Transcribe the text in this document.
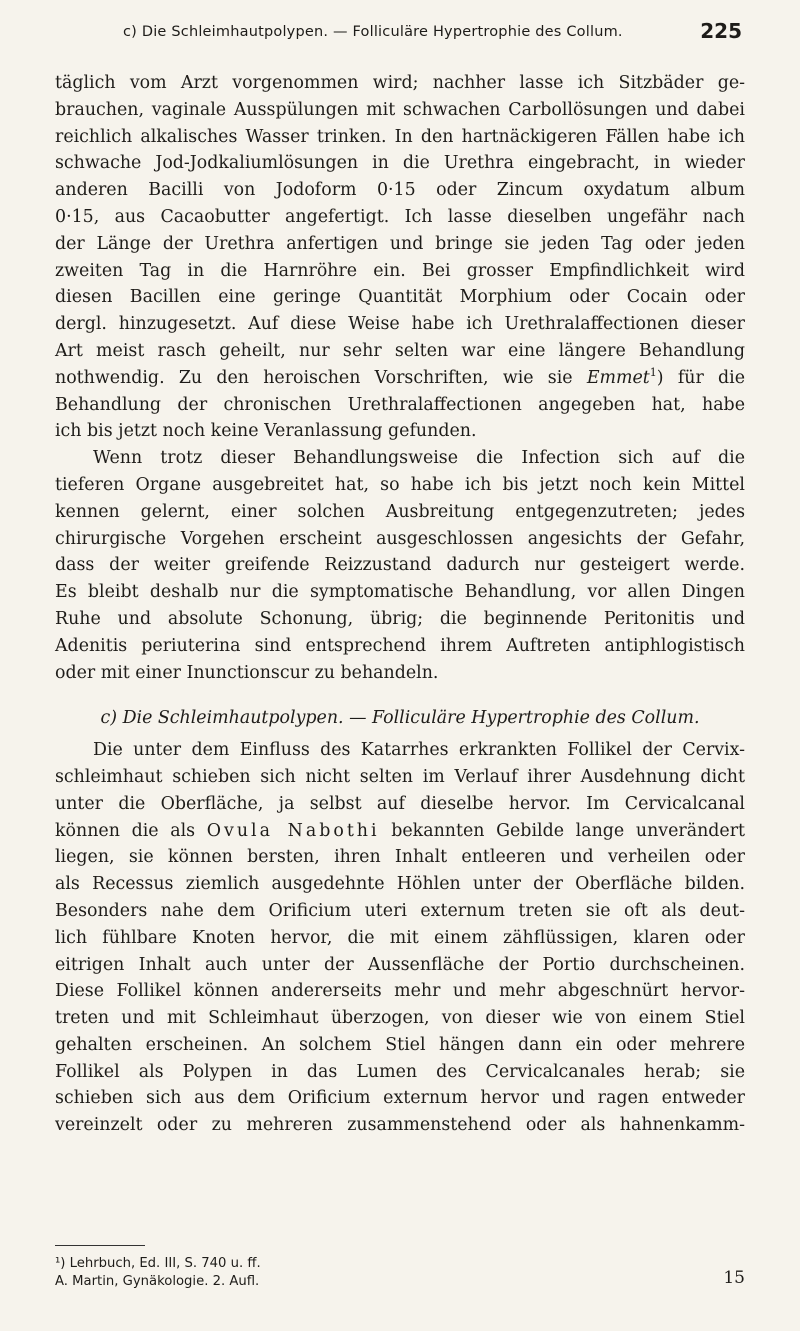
c) Die Schleimhautpolypen. — Folliculäre Hypertrophie des Collum.	225
täglich vom Arzt vorgenommen wird; nachher lasse ich Sitzbäder ge-
brauchen, vaginale Ausspülungen mit schwachen Carbollösungen und dabei
reichlich alkalisches Wasser trinken. In den hartnäckigeren Fällen habe ich
schwache Jod-Jodkaliumlösungen in die Urethra eingebracht, in wieder
anderen Bacilli von Jodoform 0·15 oder Zincum oxydatum album
0·15, aus Cacaobutter angefertigt. Ich lasse dieselben ungefähr nach
der Länge der Urethra anfertigen und bringe sie jeden Tag oder jeden
zweiten Tag in die Harnröhre ein. Bei grosser Empfindlichkeit wird
diesen Bacillen eine geringe Quantität Morphium oder Cocain oder
dergl. hinzugesetzt. Auf diese Weise habe ich Urethralaffectionen dieser
Art meist rasch geheilt, nur sehr selten war eine längere Behandlung
nothwendig. Zu den heroischen Vorschriften, wie sie Emmet$^1$) für die
Behandlung der chronischen Urethralaffectionen angegeben hat, habe
ich bis jetzt noch keine Veranlassung gefunden.
Wenn trotz dieser Behandlungsweise die Infection sich auf die
tieferen Organe ausgebreitet hat, so habe ich bis jetzt noch kein Mittel
kennen gelernt, einer solchen Ausbreitung entgegenzutreten; jedes
chirurgische Vorgehen erscheint ausgeschlossen angesichts der Gefahr,
dass der weiter greifende Reizzustand dadurch nur gesteigert werde.
Es bleibt deshalb nur die symptomatische Behandlung, vor allen Dingen
Ruhe und absolute Schonung, übrig; die beginnende Peritonitis und
Adenitis periuterina sind entsprechend ihrem Auftreten antiphlogistisch
oder mit einer Inunctionscur zu behandeln.
c) Die Schleimhautpolypen. — Folliculäre Hypertrophie des Collum.
Die unter dem Einfluss des Katarrhes erkrankten Follikel der Cervix-
schleimhaut schieben sich nicht selten im Verlauf ihrer Ausdehnung dicht
unter die Oberfläche, ja selbst auf dieselbe hervor. Im Cervicalcanal
können die als Ovula Nabothi bekannten Gebilde lange unverändert
liegen, sie können bersten, ihren Inhalt entleeren und verheilen oder
als Recessus ziemlich ausgedehnte Höhlen unter der Oberfläche bilden.
Besonders nahe dem Orificium uteri externum treten sie oft als deut-
lich fühlbare Knoten hervor, die mit einem zähflüssigen, klaren oder
eitrigen Inhalt auch unter der Aussenfläche der Portio durchscheinen.
Diese Follikel können andererseits mehr und mehr abgeschnürt hervor-
treten und mit Schleimhaut überzogen, von dieser wie von einem Stiel
gehalten erscheinen. An solchem Stiel hängen dann ein oder mehrere
Follikel als Polypen in das Lumen des Cervicalcanales herab; sie
schieben sich aus dem Orificium externum hervor und ragen entweder
vereinzelt oder zu mehreren zusammenstehend oder als hahnenkamm-
¹) Lehrbuch, Ed. III, S. 740 u. ff.
A. Martin, Gynäkologie. 2. Aufl.	15
